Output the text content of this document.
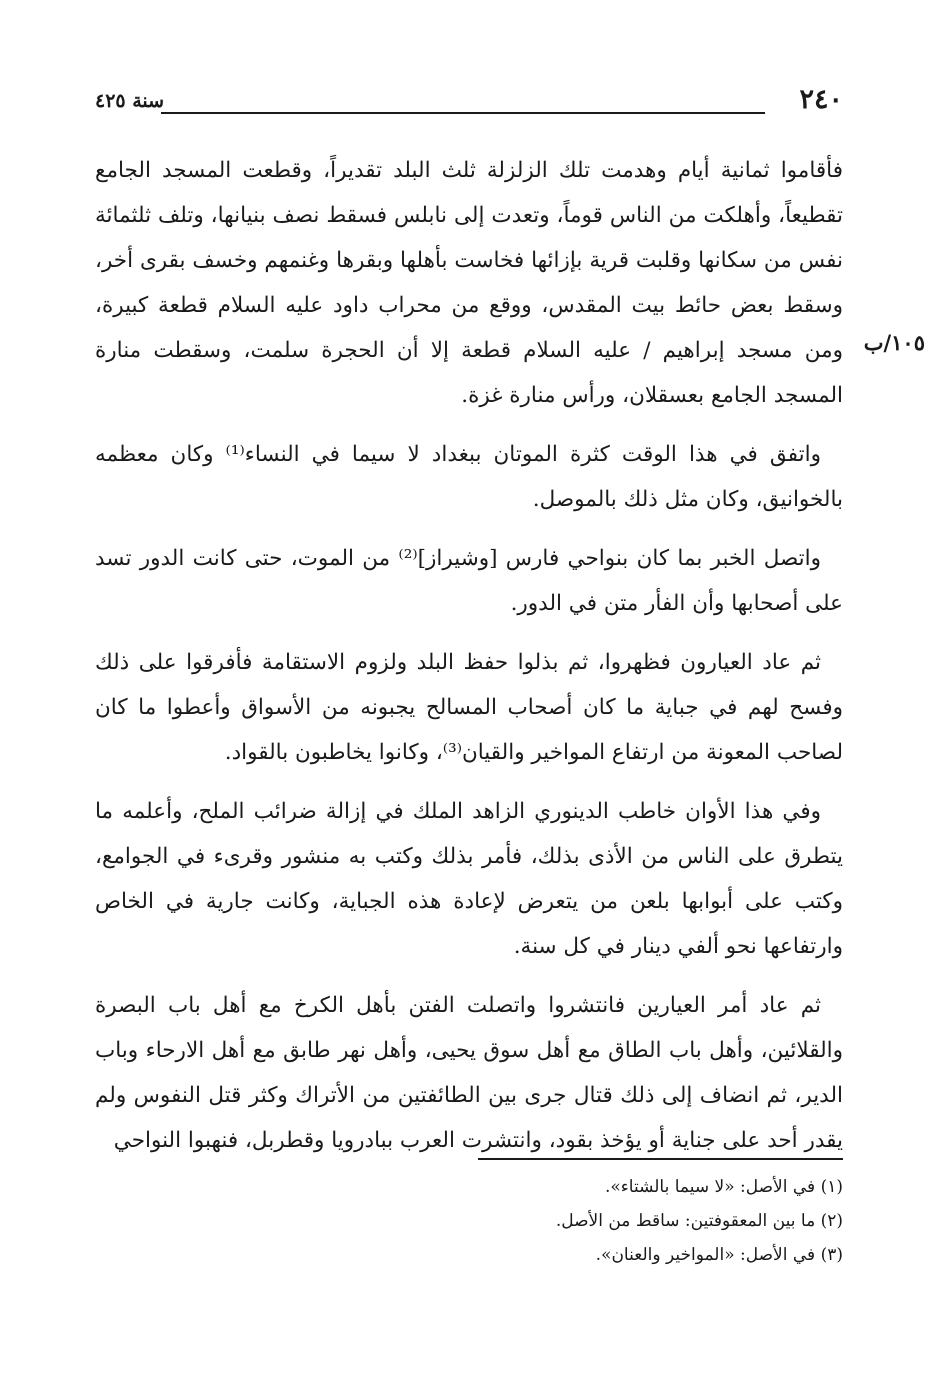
٢٤٠
سنة ٤٢٥
١٠٥/ب

فأقاموا ثمانية أيام وهدمت تلك الزلزلة ثلث البلد تقديراً، وقطعت المسجد الجامع تقطيعاً، وأهلكت من الناس قوماً، وتعدت إلى نابلس فسقط نصف بنيانها، وتلف ثلثمائة نفس من سكانها وقلبت قرية بإزائها فخاست بأهلها وبقرها وغنمهم وخسف بقرى أخر، وسقط بعض حائط بيت المقدس، ووقع من محراب داود عليه السلام قطعة كبيرة، ومن مسجد إبراهيم / عليه السلام قطعة إلا أن الحجرة سلمت، وسقطت منارة المسجد الجامع بعسقلان، ورأس منارة غزة.

واتفق في هذا الوقت كثرة الموتان ببغداد لا سيما في النساء⁽¹⁾ وكان معظمه بالخوانيق، وكان مثل ذلك بالموصل.

واتصل الخبر بما كان بنواحي فارس [وشيراز]⁽²⁾ من الموت، حتى كانت الدور تسد على أصحابها وأن الفأر متن في الدور.

ثم عاد العيارون فظهروا، ثم بذلوا حفظ البلد ولزوم الاستقامة فأفرقوا على ذلك وفسح لهم في جباية ما كان أصحاب المسالح يجبونه من الأسواق وأعطوا ما كان لصاحب المعونة من ارتفاع المواخير والقيان⁽³⁾، وكانوا يخاطبون بالقواد.

وفي هذا الأوان خاطب الدينوري الزاهد الملك في إزالة ضرائب الملح، وأعلمه ما يتطرق على الناس من الأذى بذلك، فأمر بذلك وكتب به منشور وقرىء في الجوامع، وكتب على أبوابها بلعن من يتعرض لإعادة هذه الجباية، وكانت جارية في الخاص وارتفاعها نحو ألفي دينار في كل سنة.

ثم عاد أمر العيارين فانتشروا واتصلت الفتن بأهل الكرخ مع أهل باب البصرة والقلائين، وأهل باب الطاق مع أهل سوق يحيى، وأهل نهر طابق مع أهل الارحاء وباب الدير، ثم انضاف إلى ذلك قتال جرى بين الطائفتين من الأتراك وكثر قتل النفوس ولم يقدر أحد على جناية أو يؤخذ بقود، وانتشرت العرب ببادرويا وقطربل، فنهبوا النواحي

(١) في الأصل: «لا سيما بالشتاء».

(٢) ما بين المعقوفتين: ساقط من الأصل.

(٣) في الأصل: «المواخير والعنان».
